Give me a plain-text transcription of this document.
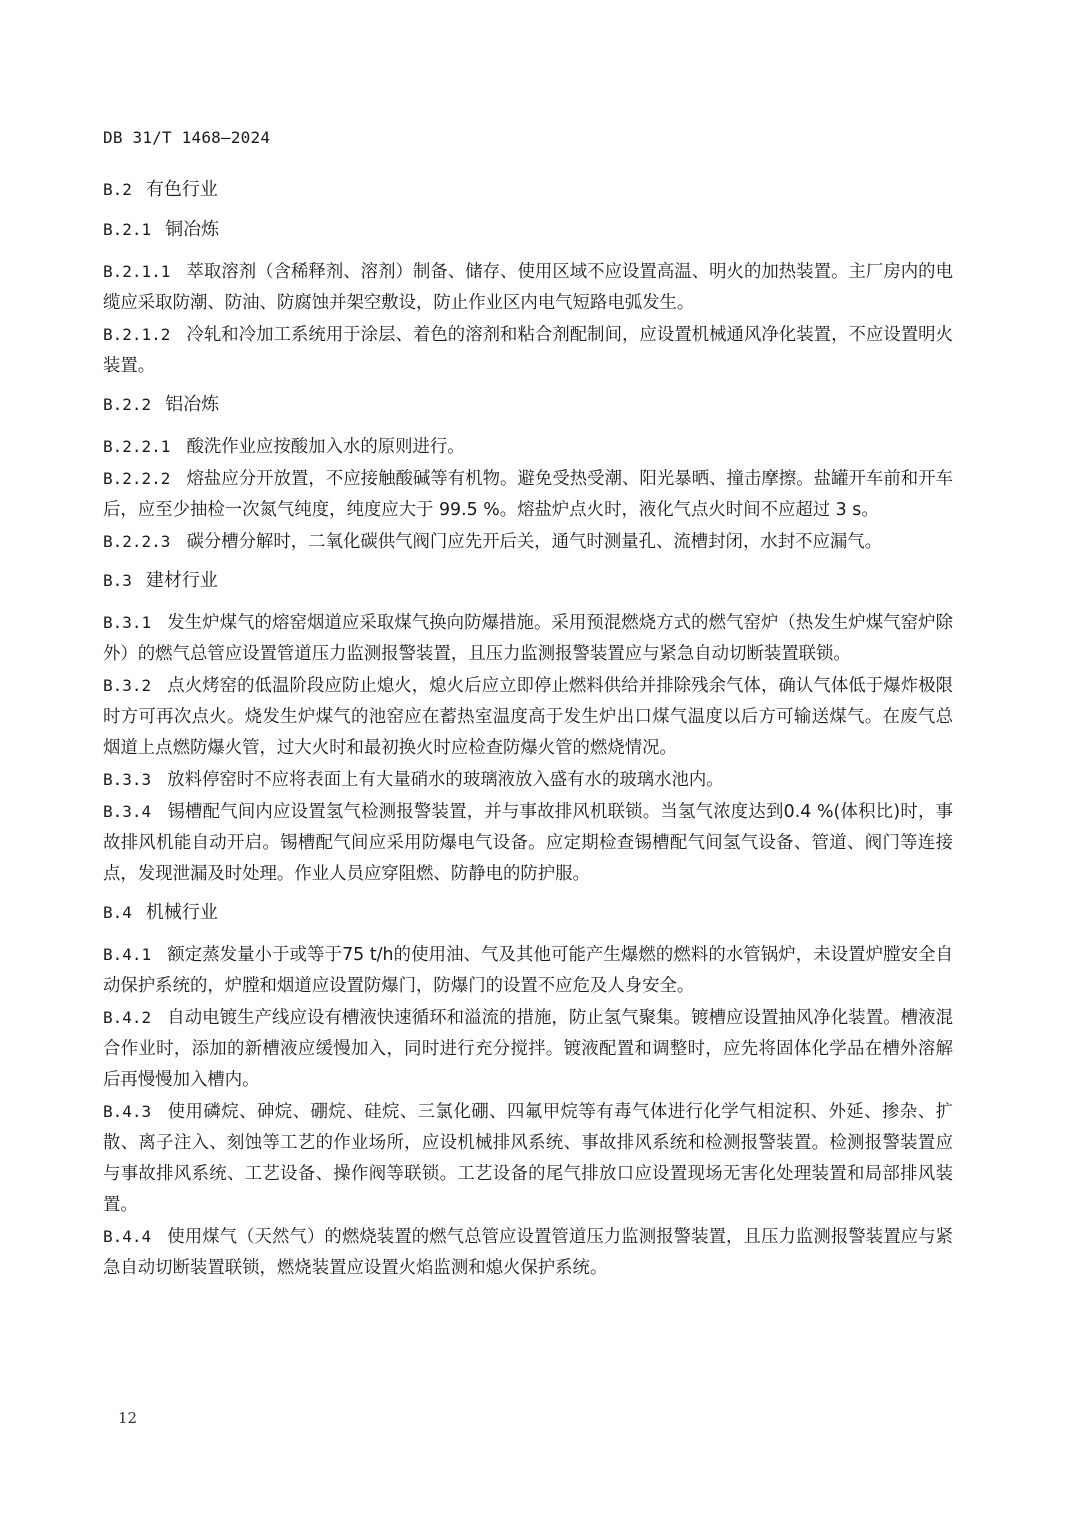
DB 31/T 1468—2024
B.2 有色行业
B.2.1 铜冶炼
B.2.1.1 萃取溶剂（含稀释剂、溶剂）制备、储存、使用区域不应设置高温、明火的加热装置。主厂房内的电缆应采取防潮、防油、防腐蚀并架空敷设，防止作业区内电气短路电弧发生。
B.2.1.2 冷轧和冷加工系统用于涂层、着色的溶剂和粘合剂配制间，应设置机械通风净化装置，不应设置明火装置。
B.2.2 铝冶炼
B.2.2.1 酸洗作业应按酸加入水的原则进行。
B.2.2.2 熔盐应分开放置，不应接触酸碱等有机物。避免受热受潮、阳光暴晒、撞击摩擦。盐罐开车前和开车后，应至少抽检一次氮气纯度，纯度应大于 99.5 %。熔盐炉点火时，液化气点火时间不应超过 3 s。
B.2.2.3 碳分槽分解时，二氧化碳供气阀门应先开后关，通气时测量孔、流槽封闭，水封不应漏气。
B.3 建材行业
B.3.1 发生炉煤气的熔窑烟道应采取煤气换向防爆措施。采用预混燃烧方式的燃气窑炉（热发生炉煤气窑炉除外）的燃气总管应设置管道压力监测报警装置，且压力监测报警装置应与紧急自动切断装置联锁。
B.3.2 点火烤窑的低温阶段应防止熄火，熄火后应立即停止燃料供给并排除残余气体，确认气体低于爆炸极限时方可再次点火。烧发生炉煤气的池窑应在蓄热室温度高于发生炉出口煤气温度以后方可输送煤气。在废气总烟道上点燃防爆火管，过大火时和最初换火时应检查防爆火管的燃烧情况。
B.3.3 放料停窑时不应将表面上有大量硝水的玻璃液放入盛有水的玻璃水池内。
B.3.4 锡槽配气间内应设置氢气检测报警装置，并与事故排风机联锁。当氢气浓度达到0.4 %(体积比)时，事故排风机能自动开启。锡槽配气间应采用防爆电气设备。应定期检查锡槽配气间氢气设备、管道、阀门等连接点，发现泄漏及时处理。作业人员应穿阻燃、防静电的防护服。
B.4 机械行业
B.4.1 额定蒸发量小于或等于75 t/h的使用油、气及其他可能产生爆燃的燃料的水管锅炉，未设置炉膛安全自动保护系统的，炉膛和烟道应设置防爆门，防爆门的设置不应危及人身安全。
B.4.2 自动电镀生产线应设有槽液快速循环和溢流的措施，防止氢气聚集。镀槽应设置抽风净化装置。槽液混合作业时，添加的新槽液应缓慢加入，同时进行充分搅拌。镀液配置和调整时，应先将固体化学品在槽外溶解后再慢慢加入槽内。
B.4.3 使用磷烷、砷烷、硼烷、硅烷、三氯化硼、四氟甲烷等有毒气体进行化学气相淀积、外延、掺杂、扩散、离子注入、刻蚀等工艺的作业场所，应设机械排风系统、事故排风系统和检测报警装置。检测报警装置应与事故排风系统、工艺设备、操作阀等联锁。工艺设备的尾气排放口应设置现场无害化处理装置和局部排风装置。
B.4.4 使用煤气（天然气）的燃烧装置的燃气总管应设置管道压力监测报警装置，且压力监测报警装置应与紧急自动切断装置联锁，燃烧装置应设置火焰监测和熄火保护系统。
12
